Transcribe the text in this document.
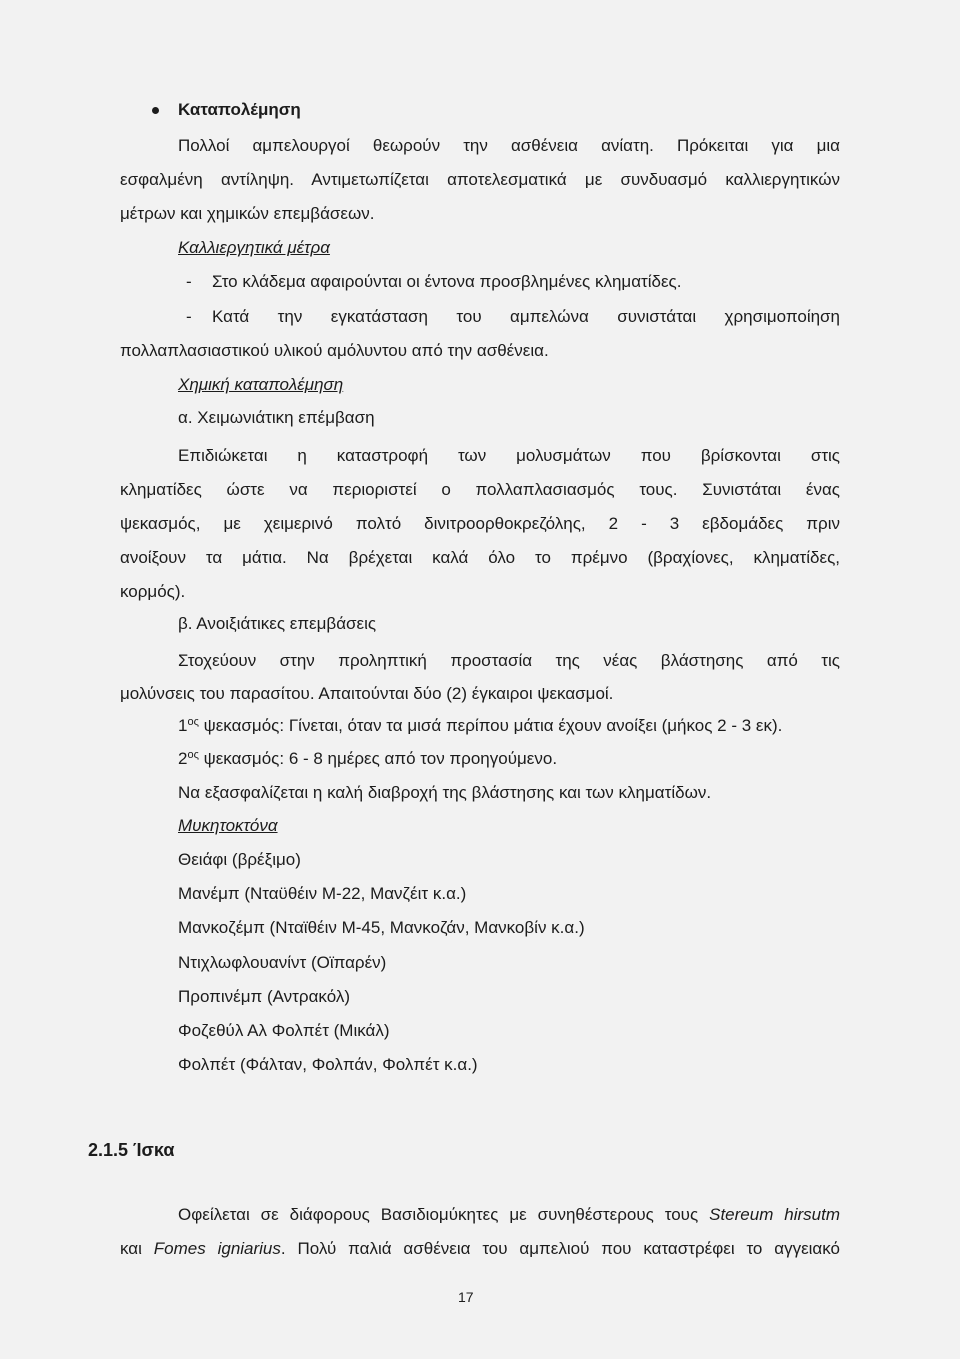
Καταπολέμηση
Πολλοί αμπελουργοί θεωρούν την ασθένεια ανίατη. Πρόκειται για μια
εσφαλμένη αντίληψη. Αντιμετωπίζεται αποτελεσματικά με συνδυασμό καλλιεργητικών
μέτρων και χημικών επεμβάσεων.
Καλλιεργητικά μέτρα
- Στο κλάδεμα αφαιρούνται οι έντονα προσβλημένες κληματίδες.
- Κατά την εγκατάσταση του αμπελώνα συνιστάται χρησιμοποίηση
πολλαπλασιαστικού υλικού αμόλυντου από την ασθένεια.
Χημική καταπολέμηση
α. Χειμωνιάτικη επέμβαση
Επιδιώκεται η καταστροφή των μολυσμάτων που βρίσκονται στις
κληματίδες ώστε να περιοριστεί ο πολλαπλασιασμός τους. Συνιστάται ένας
ψεκασμός, με χειμερινό πολτό δινιτροορθοκρεζόλης, 2 - 3 εβδομάδες πριν
ανοίξουν τα μάτια. Να βρέχεται καλά όλο το πρέμνο (βραχίονες, κληματίδες,
κορμός).
β. Ανοιξιάτικες επεμβάσεις
Στοχεύουν στην προληπτική προστασία της νέας βλάστησης από τις
μολύνσεις του παρασίτου. Απαιτούνται δύο (2) έγκαιροι ψεκασμοί.
$1^{o\varsigma}$ ψεκασμός: Γίνεται, όταν τα μισά περίπου μάτια έχουν ανοίξει (μήκος 2 - 3 εκ).
$2^{o\varsigma}$ ψεκασμός: 6 - 8 ημέρες από τον προηγούμενο.
Να εξασφαλίζεται η καλή διαβροχή της βλάστησης και των κληματίδων.
Μυκητοκτόνα
Θειάφι (βρέξιμο)
Μανέμπ (Νταϋθέιν Μ-22, Μανζέιτ κ.α.)
Μανκοζέμπ (Νταϊθέιν Μ-45, Μανκοζάν, Μανκοβίν κ.α.)
Ντιχλωφλουανίντ (Οϊπαρέν)
Προπινέμπ (Αντρακόλ)
Φοζεθύλ Αλ Φολπέτ (Μικάλ)
Φολπέτ (Φάλταν, Φολπάν, Φολπέτ κ.α.)
2.1.5 Ίσκα
Οφείλεται σε διάφορους Βασιδιομύκητες με συνηθέστερους τους Stereum hirsutm
και Fomes igniarius. Πολύ παλιά ασθένεια του αμπελιού που καταστρέφει το αγγειακό
17
